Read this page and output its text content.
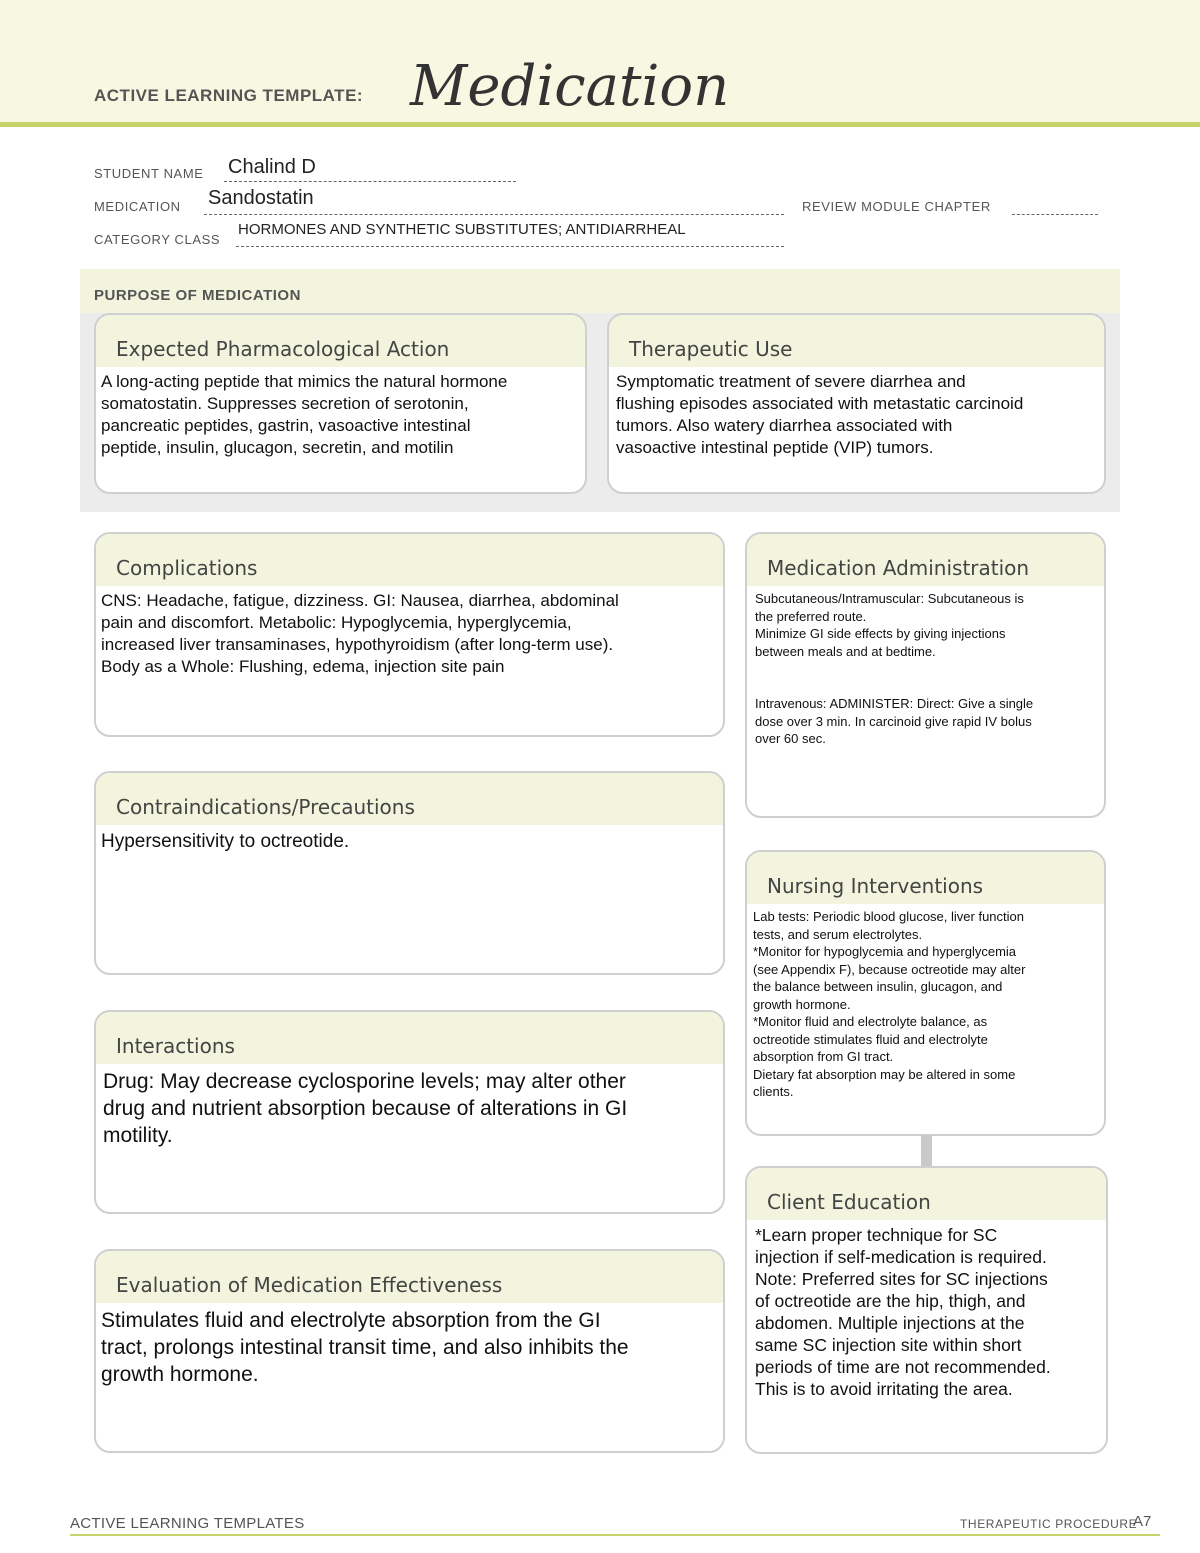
ACTIVE LEARNING TEMPLATE: Medication
STUDENT NAME Chalind D
MEDICATION Sandostatin	REVIEW MODULE CHAPTER
CATEGORY CLASS
HORMONES AND SYNTHETIC SUBSTITUTES; ANTIDIARRHEAL
PURPOSE OF MEDICATION
Expected Pharmacological Action

A long-acting peptide that mimics the natural hormone
somatostatin. Suppresses secretion of serotonin,
pancreatic peptides, gastrin, vasoactive intestinal
peptide, insulin, glucagon, secretin, and motilin

Therapeutic Use

Symptomatic treatment of severe diarrhea and
flushing episodes associated with metastatic carcinoid
tumors. Also watery diarrhea associated with
vasoactive intestinal peptide (VIP) tumors.

Complications

CNS: Headache, fatigue, dizziness. GI: Nausea, diarrhea, abdominal
pain and discomfort. Metabolic: Hypoglycemia, hyperglycemia,
increased liver transaminases, hypothyroidism (after long-term use).
Body as a Whole: Flushing, edema, injection site pain

Medication Administration

Subcutaneous/Intramuscular: Subcutaneous is
the preferred route.
Minimize GI side effects by giving injections
between meals and at bedtime.

Intravenous: ADMINISTER: Direct: Give a single
dose over 3 min. In carcinoid give rapid IV bolus
over 60 sec.

Contraindications/Precautions

Hypersensitivity to octreotide.

Nursing Interventions

Lab tests: Periodic blood glucose, liver function
tests, and serum electrolytes.
*Monitor for hypoglycemia and hyperglycemia
(see Appendix F), because octreotide may alter
the balance between insulin, glucagon, and
growth hormone.
*Monitor fluid and electrolyte balance, as
octreotide stimulates fluid and electrolyte
absorption from GI tract.
Dietary fat absorption may be altered in some
clients.

Interactions

Drug: May decrease cyclosporine levels; may alter other
drug and nutrient absorption because of alterations in GI
motility.

Client Education

*Learn proper technique for SC
injection if self-medication is required.
Note: Preferred sites for SC injections
of octreotide are the hip, thigh, and
abdomen. Multiple injections at the
same SC injection site within short
periods of time are not recommended.
This is to avoid irritating the area.

Evaluation of Medication Effectiveness

Stimulates fluid and electrolyte absorption from the GI
tract, prolongs intestinal transit time, and also inhibits the
growth hormone.

ACTIVE LEARNING TEMPLATES	THERAPEUTIC PROCEDURE
A7
